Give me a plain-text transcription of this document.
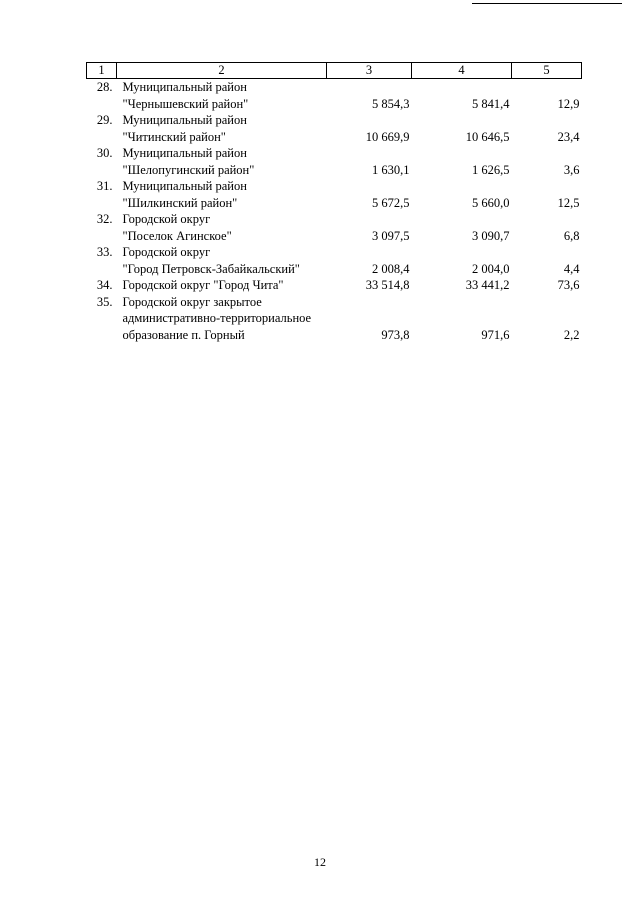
1	2	3	4	5
28.	Муниципальный район
"Чернышевский район"	5 854,3	5 841,4	12,9
29.	Муниципальный район
"Читинский район"	10 669,9	10 646,5	23,4
30.	Муниципальный район
"Шелопугинский район"	1 630,1	1 626,5	3,6
31.	Муниципальный район
"Шилкинский район"	5 672,5	5 660,0	12,5
32.	Городской округ
"Поселок Агинское"	3 097,5	3 090,7	6,8
33.	Городской округ
"Город Петровск-Забайкальский"	2 008,4	2 004,0	4,4
34.	Городской округ "Город Чита"	33 514,8	33 441,2	73,6
35.	Городской округ закрытое
административно-территориальное
образование п. Горный	973,8	971,6	2,2
12
